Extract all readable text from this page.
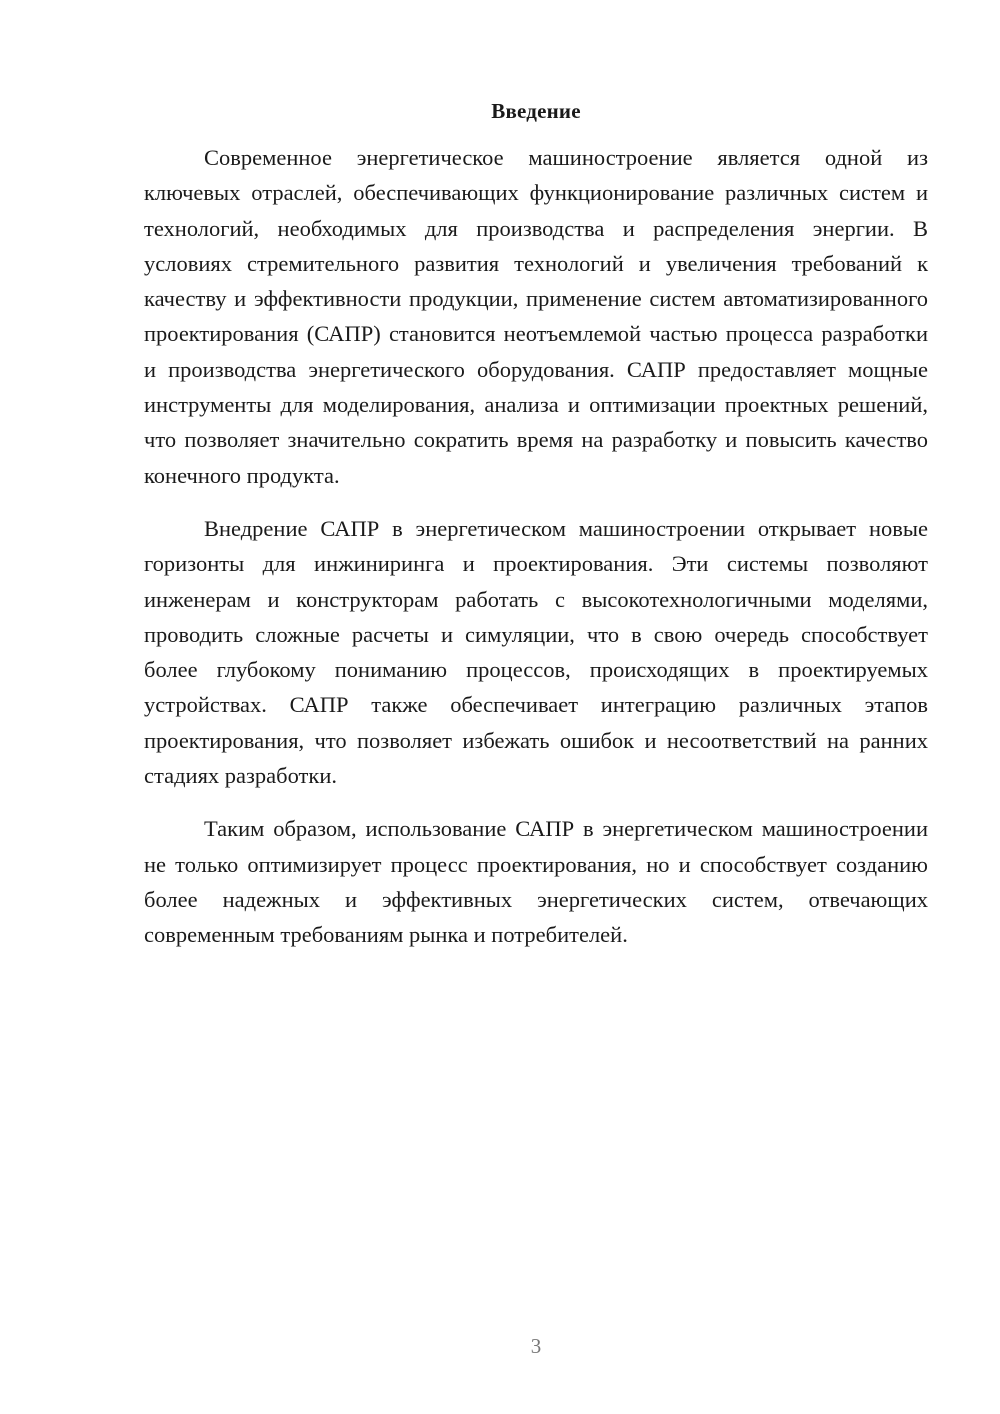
Введение

Современное энергетическое машиностроение является одной из ключевых отраслей, обеспечивающих функционирование различных систем и технологий, необходимых для производства и распределения энергии. В условиях стремительного развития технологий и увеличения требований к качеству и эффективности продукции, применение систем автоматизированного проектирования (САПР) становится неотъемлемой частью процесса разработки и производства энергетического оборудования. САПР предоставляет мощные инструменты для моделирования, анализа и оптимизации проектных решений, что позволяет значительно сократить время на разработку и повысить качество конечного продукта.

Внедрение САПР в энергетическом машиностроении открывает новые горизонты для инжиниринга и проектирования. Эти системы позволяют инженерам и конструкторам работать с высокотехнологичными моделями, проводить сложные расчеты и симуляции, что в свою очередь способствует более глубокому пониманию процессов, происходящих в проектируемых устройствах. САПР также обеспечивает интеграцию различных этапов проектирования, что позволяет избежать ошибок и несоответствий на ранних стадиях разработки.

Таким образом, использование САПР в энергетическом машиностроении не только оптимизирует процесс проектирования, но и способствует созданию более надежных и эффективных энергетических систем, отвечающих современным требованиям рынка и потребителей.

3
